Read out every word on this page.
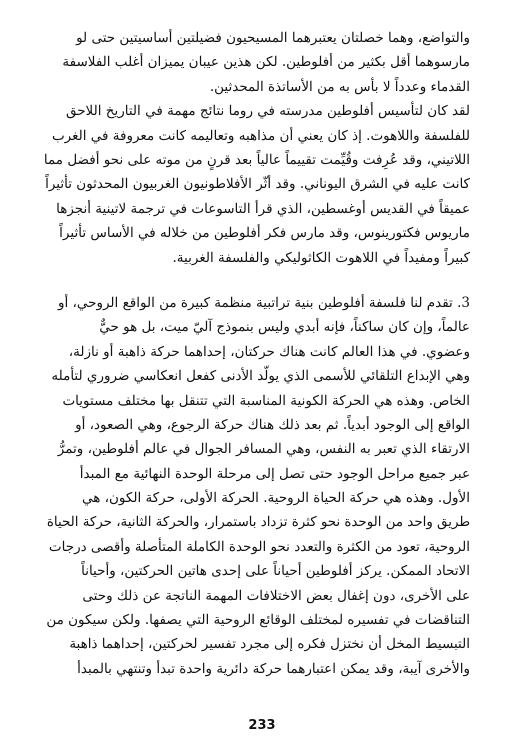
والتواضع، وهما خصلتان يعتبرهما المسيحيون فضيلتين أساسيتين حتى لو
مارسوهما أقل بكثير من أفلوطين. لكن هذين عيبان يميزان أغلب الفلاسفة
القدماء وعدداً لا بأس به من الأساتذة المحدثين.
لقد كان لتأسيس أفلوطين مدرسته في روما نتائج مهمة في التاريخ اللاحق
للفلسفة واللاهوت. إذ كان يعني أن مذاهبه وتعاليمه كانت معروفة في الغرب
اللاتيني، وقد عُرِفت وقُيِّمت تقييماً عالياً بعد قرنٍ من موته على نحو أفضل مما
كانت عليه في الشرق اليوناني. وقد أثّر الأفلاطونيون الغربيون المحدثون تأثيراً
عميقاً في القديس أوغسطين، الذي قرأ التاسوعات في ترجمة لاتينية أنجزها
ماريوس فكتورينوس، وقد مارس فكر أفلوطين من خلاله في الأساس تأثيراً
كبيراً ومفيداً في اللاهوت الكاثوليكي والفلسفة الغربية.
3. تقدم لنا فلسفة أفلوطين بنية تراتبية منظمة كبيرة من الواقع الروحي، أو
عالماً، وإن كان ساكناً، فإنه أبدي وليس بنموذج آليّ ميت، بل هو حيٌّ
وعضوي. في هذا العالم كانت هناك حركتان، إحداهما حركة ذاهبة أو نازلة،
وهي الإبداع التلقائي للأسمى الذي يولّد الأدنى كفعل انعكاسي ضروري لتأمله
الخاص. وهذه هي الحركة الكونية المناسبة التي تتنقل بها مختلف مستويات
الواقع إلى الوجود أبدياً. ثم بعد ذلك هناك حركة الرجوع، وهي الصعود، أو
الارتقاء الذي تعبر به النفس، وهي المسافر الجوال في عالم أفلوطين، وتمرُّ
عبر جميع مراحل الوجود حتى تصل إلى مرحلة الوحدة النهائية مع المبدأ
الأول. وهذه هي حركة الحياة الروحية. الحركة الأولى، حركة الكون، هي
طريق واحد من الوحدة نحو كثرة تزداد باستمرار، والحركة الثانية، حركة الحياة
الروحية، تعود من الكثرة والتعدد نحو الوحدة الكاملة المتأصلة وأقصى درجات
الاتحاد الممكن. يركز أفلوطين أحياناً على إحدى هاتين الحركتين، وأحياناً
على الأخرى، دون إغفال بعض الاختلافات المهمة الناتجة عن ذلك وحتى
التناقضات في تفسيره لمختلف الوقائع الروحية التي يصفها. ولكن سيكون من
التبسيط المخل أن نختزل فكره إلى مجرد تفسير لحركتين، إحداهما ذاهبة
والأخرى آيبة، وقد يمكن اعتبارهما حركة دائرية واحدة تبدأ وتنتهي بالمبدأ
233
